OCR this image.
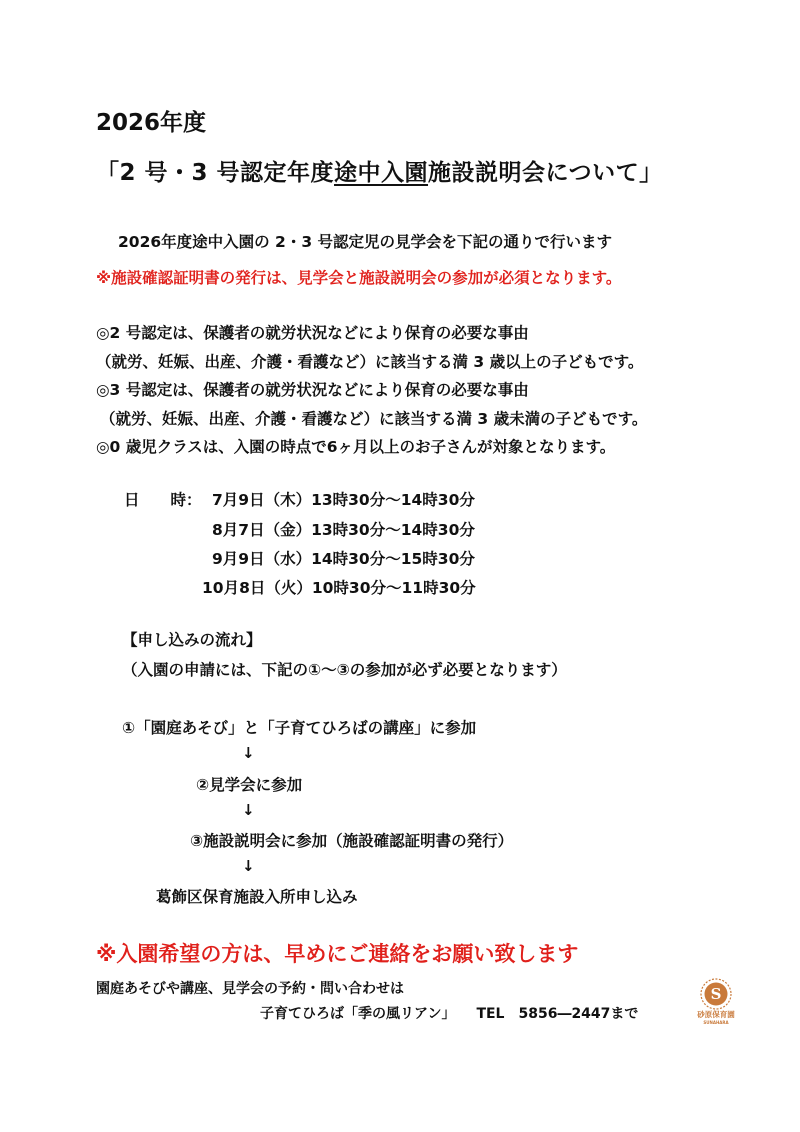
2026年度
「2 号・3 号認定年度途中入園施設説明会について」
2026年度途中入園の 2・3 号認定児の見学会を下記の通りで行います
※施設確認証明書の発行は、見学会と施設説明会の参加が必須となります。
◎2 号認定は、保護者の就労状況などにより保育の必要な事由
（就労、妊娠、出産、介護・看護など）に該当する満 3 歳以上の子どもです。
◎3 号認定は、保護者の就労状況などにより保育の必要な事由
（就労、妊娠、出産、介護・看護など）に該当する満 3 歳未満の子どもです。
◎0 歳児クラスは、入園の時点で6ヶ月以上のお子さんが対象となります。
日　　時： 7月9日（木）13時30分～14時30分
8月7日（金）13時30分～14時30分
9月9日（水）14時30分～15時30分
10月8日（火）10時30分～11時30分
【申し込みの流れ】
（入園の申請には、下記の①～③の参加が必ず必要となります）
①「園庭あそび」と「子育てひろばの講座」に参加
↓
②見学会に参加
↓
③施設説明会に参加（施設確認証明書の発行）
↓
葛飾区保育施設入所申し込み
※入園希望の方は、早めにご連絡をお願い致します
園庭あそびや講座、見学会の予約・問い合わせは
子育てひろば「季の風リアン」　　TEL　5856―2447まで
S
砂原保育園
SUNAHARA
